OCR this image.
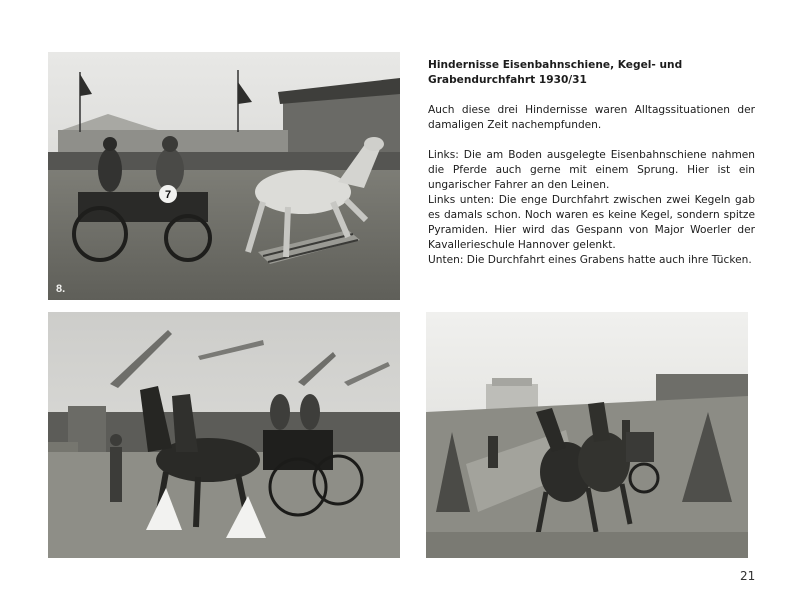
7
8.

Hindernisse Eisenbahnschiene, Kegel- und Grabendurchfahrt 1930/31

Auch diese drei Hindernisse waren Alltagssituationen der damaligen Zeit nachempfunden.

Links: Die am Boden ausgelegte Eisenbahnschiene nahmen die Pferde auch gerne mit einem Sprung. Hier ist ein ungarischer Fahrer an den Leinen.

Links unten: Die enge Durchfahrt zwischen zwei Kegeln gab es damals schon. Noch waren es keine Kegel, sondern spitze Pyramiden. Hier wird das Gespann von Major Woerler der Kavallerieschule Hannover gelenkt.

Unten: Die Durchfahrt eines Grabens hatte auch ihre Tücken.

21
